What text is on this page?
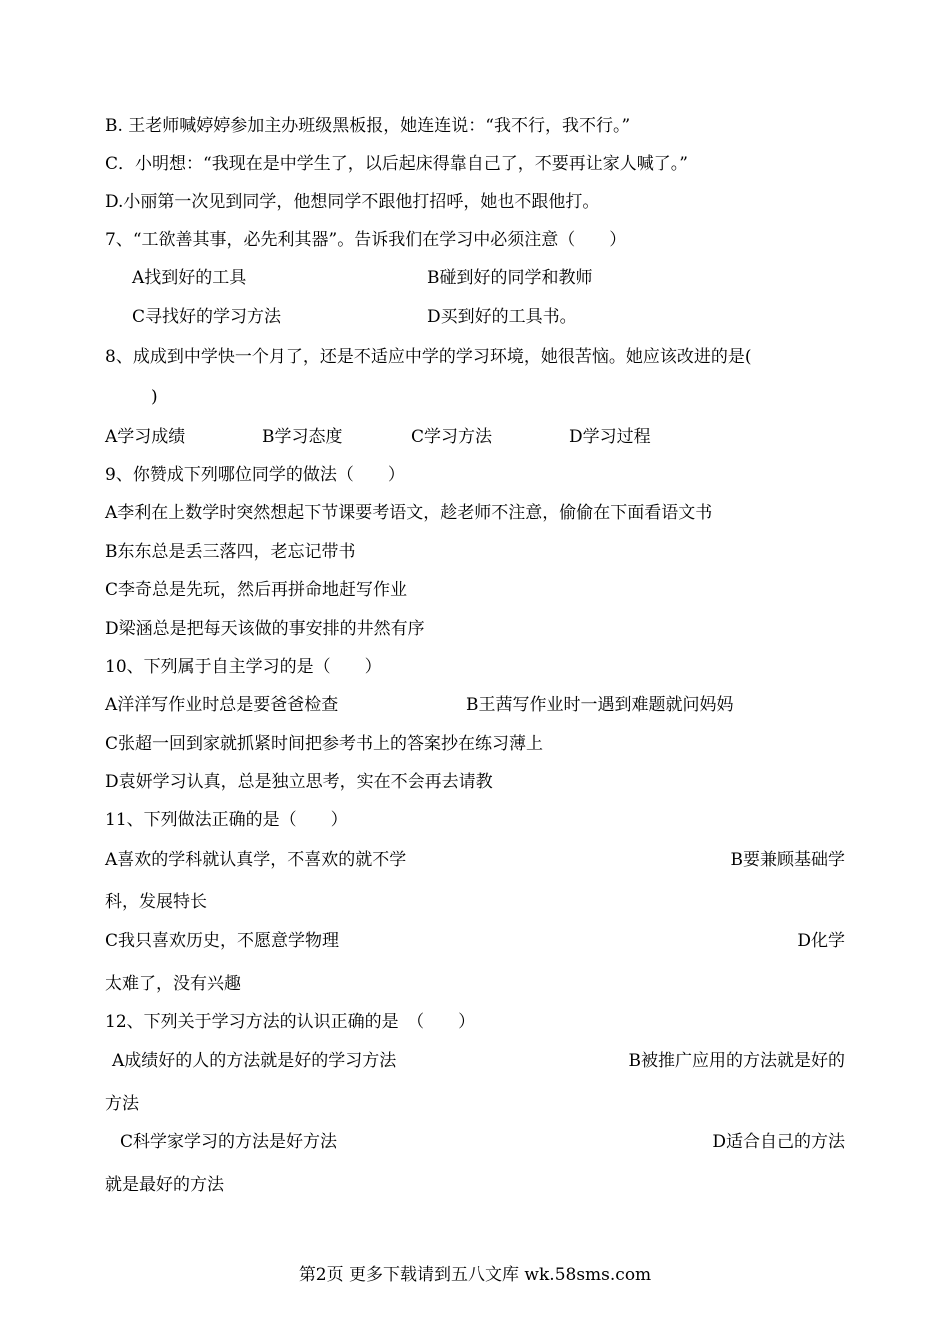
B. 王老师喊婷婷参加主办班级黑板报，她连连说：“我不行，我不行。”
C．小明想：“我现在是中学生了，以后起床得靠自己了，不要再让家人喊了。”
D.小丽第一次见到同学，他想同学不跟他打招呼，她也不跟他打。
7、“工欲善其事，必先利其器”。告诉我们在学习中必须注意（　　）
A找到好的工具	B碰到好的同学和教师
C寻找好的学习方法	D买到好的工具书。
8、成成到中学快一个月了，还是不适应中学的学习环境，她很苦恼。她应该改进的是(
)
A学习成绩	B学习态度	C学习方法	D学习过程
9、你赞成下列哪位同学的做法（　　）
A李利在上数学时突然想起下节课要考语文，趁老师不注意，偷偷在下面看语文书
B东东总是丢三落四，老忘记带书
C李奇总是先玩，然后再拼命地赶写作业
D梁涵总是把每天该做的事安排的井然有序
10、下列属于自主学习的是（　　）
A洋洋写作业时总是要爸爸检查	B王茜写作业时一遇到难题就问妈妈
C张超一回到家就抓紧时间把参考书上的答案抄在练习薄上
D袁妍学习认真，总是独立思考，实在不会再去请教
11、下列做法正确的是（　　）
A喜欢的学科就认真学，不喜欢的就不学	B要兼顾基础学
科，发展特长
C我只喜欢历史，不愿意学物理	D化学
太难了，没有兴趣
12、下列关于学习方法的认识正确的是　（　　）
A成绩好的人的方法就是好的学习方法	B被推广应用的方法就是好的
方法
C科学家学习的方法是好方法	D适合自己的方法
就是最好的方法
第2页 更多下载请到五八文库 wk.58sms.com
